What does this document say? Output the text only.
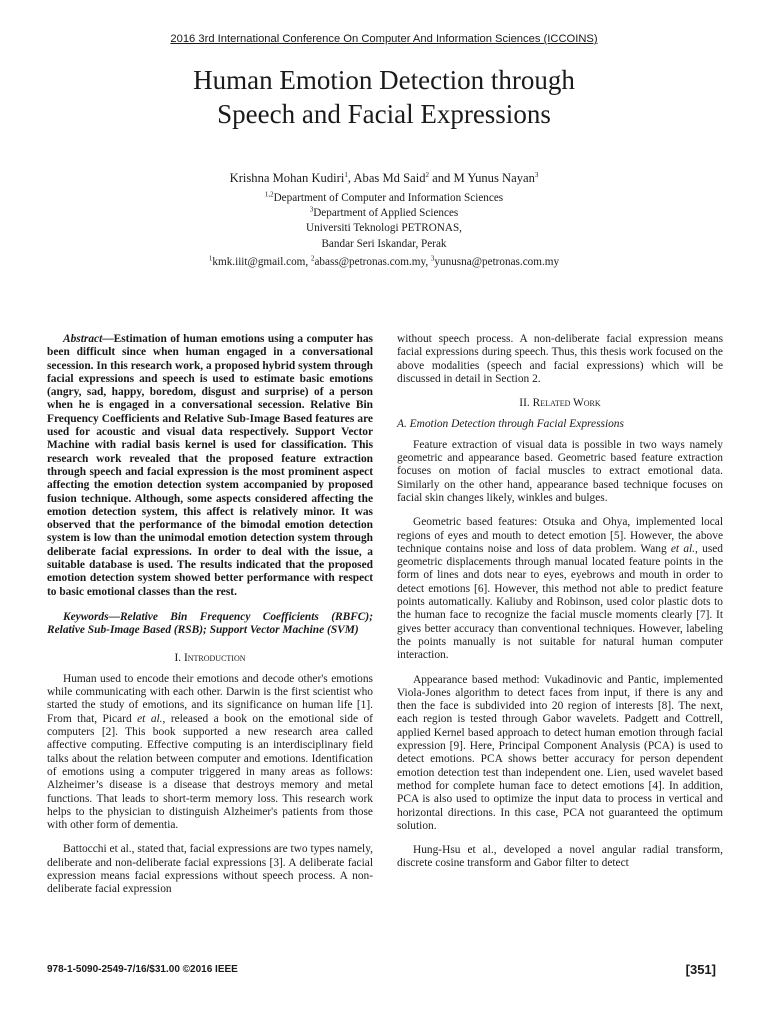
2016 3rd International Conference On Computer And Information Sciences (ICCOINS)
Human Emotion Detection through
Speech and Facial Expressions
Krishna Mohan Kudiri$^1$, Abas Md Said$^2$ and M Yunus Nayan$^3$
$^{1,2}$Department of Computer and Information Sciences
$^3$Department of Applied Sciences
Universiti Teknologi PETRONAS,
Bandar Seri Iskandar, Perak
$^1$kmk.iiit@gmail.com, $^2$abass@petronas.com.my, $^3$yunusna@petronas.com.my

Abstract—Estimation of human emotions using a computer has been difficult since when human engaged in a conversational secession. In this research work, a proposed hybrid system through facial expressions and speech is used to estimate basic emotions (angry, sad, happy, boredom, disgust and surprise) of a person when he is engaged in a conversational secession. Relative Bin Frequency Coefficients and Relative Sub-Image Based features are used for acoustic and visual data respectively. Support Vector Machine with radial basis kernel is used for classification. This research work revealed that the proposed feature extraction through speech and facial expression is the most prominent aspect affecting the emotion detection system accompanied by proposed fusion technique. Although, some aspects considered affecting the emotion detection system, this affect is relatively minor. It was observed that the performance of the bimodal emotion detection system is low than the unimodal emotion detection system through deliberate facial expressions. In order to deal with the issue, a suitable database is used. The results indicated that the proposed emotion detection system showed better performance with respect to basic emotional classes than the rest.

Keywords—Relative Bin Frequency Coefficients (RBFC); Relative Sub-Image Based (RSB); Support Vector Machine (SVM)

I. Introduction

Human used to encode their emotions and decode other's emotions while communicating with each other. Darwin is the first scientist who started the study of emotions, and its significance on human life [1]. From that, Picard et al., released a book on the emotional side of computers [2]. This book supported a new research area called affective computing. Effective computing is an interdisciplinary field talks about the relation between computer and emotions. Identification of emotions using a computer triggered in many areas as follows: Alzheimer’s disease is a disease that destroys memory and metal functions. That leads to short-term memory loss. This research work helps to the physician to distinguish Alzheimer's patients from those with other form of dementia.

Battocchi et al., stated that, facial expressions are two types namely, deliberate and non-deliberate facial expressions [3]. A deliberate facial expression means facial expressions without speech process. A non-deliberate facial expression

without speech process. A non-deliberate facial expression means facial expressions during speech. Thus, this thesis work focused on the above modalities (speech and facial expressions) which will be discussed in detail in Section 2.

II. Related Work

A. Emotion Detection through Facial Expressions

Feature extraction of visual data is possible in two ways namely geometric and appearance based. Geometric based feature extraction focuses on motion of facial muscles to extract emotional data. Similarly on the other hand, appearance based technique focuses on facial skin changes likely, winkles and bulges.

Geometric based features: Otsuka and Ohya, implemented local regions of eyes and mouth to detect emotion [5]. However, the above technique contains noise and loss of data problem. Wang et al., used geometric displacements through manual located feature points in the form of lines and dots near to eyes, eyebrows and mouth in order to detect emotions [6]. However, this method not able to predict feature points automatically. Kaliuby and Robinson, used color plastic dots to the human face to recognize the facial muscle moments clearly [7]. It gives better accuracy than conventional techniques. However, labeling the points manually is not suitable for natural human computer interaction.

Appearance based method: Vukadinovic and Pantic, implemented Viola-Jones algorithm to detect faces from input, if there is any and then the face is subdivided into 20 region of interests [8]. The next, each region is tested through Gabor wavelets. Padgett and Cottrell, applied Kernel based approach to detect human emotion through facial expression [9]. Here, Principal Component Analysis (PCA) is used to detect emotions. PCA shows better accuracy for person dependent emotion detection test than independent one. Lien, used wavelet based method for complete human face to detect emotions [4]. In addition, PCA is also used to optimize the input data to process in vertical and horizontal directions. In this case, PCA not guaranteed the optimum solution.

Hung-Hsu et al., developed a novel angular radial transform, discrete cosine transform and Gabor filter to detect

978-1-5090-2549-7/16/$31.00 ©2016 IEEE	[351]
